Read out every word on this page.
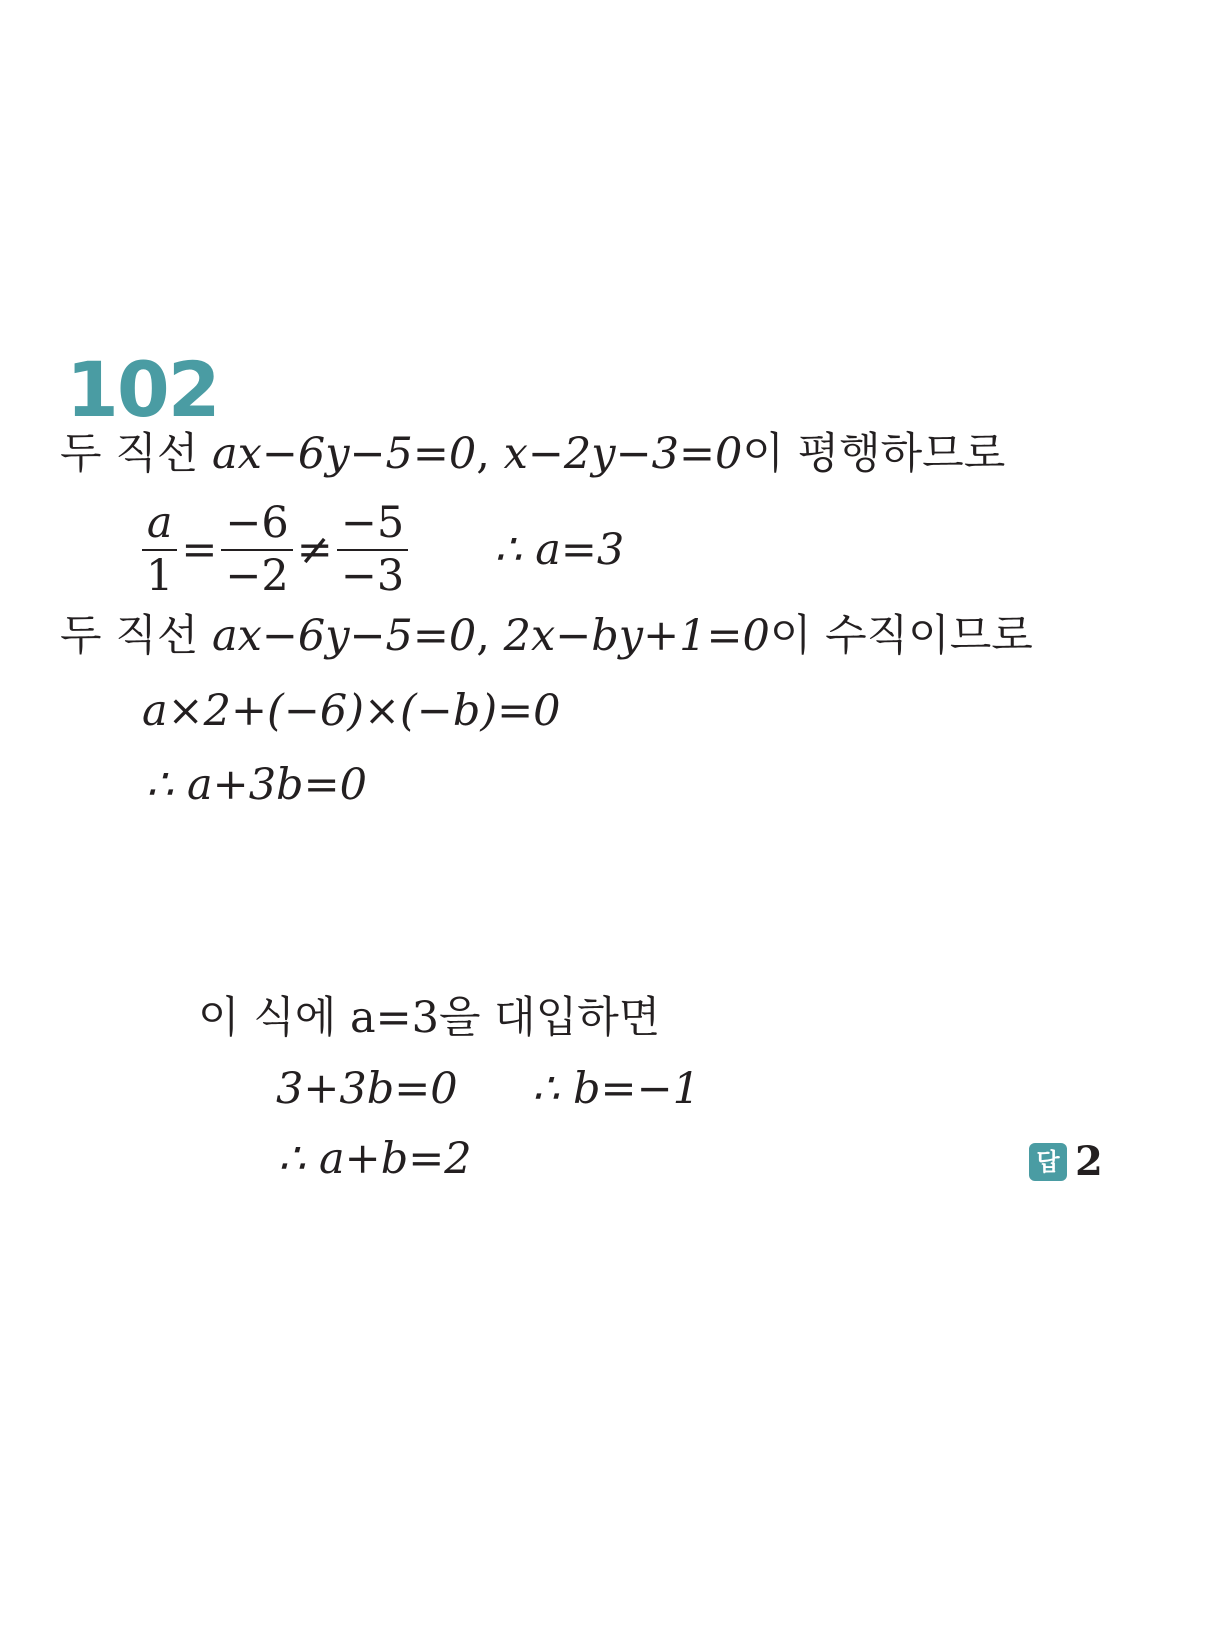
102
두 직선 ax−6y−5=0, x−2y−3=0이 평행하므로
$\frac{a}{1} = \frac{-6}{-2} \ne \frac{-5}{-3}$ ∴ a=3
두 직선 ax−6y−5=0, 2x−by+1=0이 수직이므로
a×2+(−6)×(−b)=0
∴ a+3b=0
이 식에 a=3을 대입하면
3+3b=0 ∴ b=−1
∴ a+b=2	답 2
